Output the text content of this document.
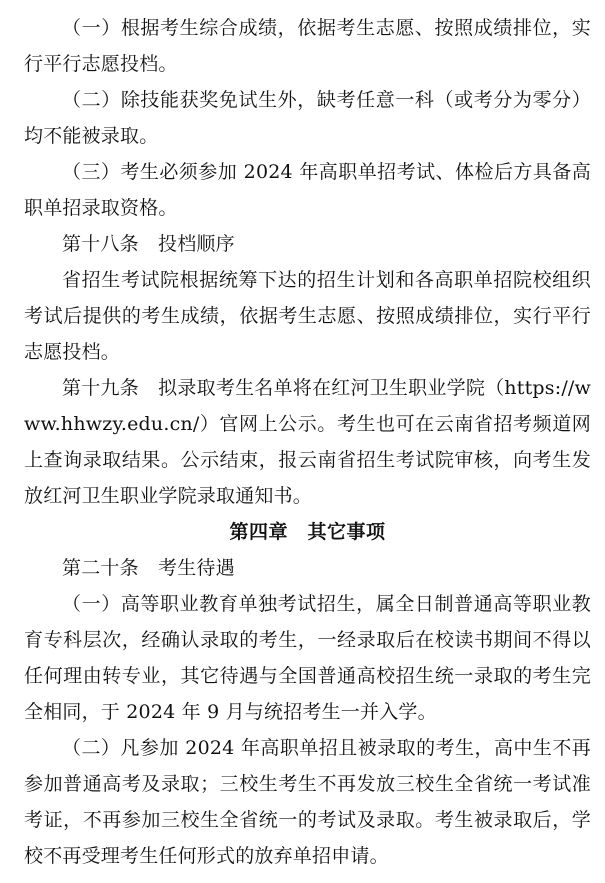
（一）根据考生综合成绩，依据考生志愿、按照成绩排位，实行平行志愿投档。

（二）除技能获奖免试生外，缺考任意一科（或考分为零分）均不能被录取。

（三）考生必须参加 2024 年高职单招考试、体检后方具备高职单招录取资格。

第十八条　投档顺序

省招生考试院根据统筹下达的招生计划和各高职单招院校组织考试后提供的考生成绩，依据考生志愿、按照成绩排位，实行平行志愿投档。

第十九条　拟录取考生名单将在红河卫生职业学院（https://www.hhwzy.edu.cn/）官网上公示。考生也可在云南省招考频道网上查询录取结果。公示结束，报云南省招生考试院审核，向考生发放红河卫生职业学院录取通知书。

第四章　其它事项

第二十条　考生待遇

（一）高等职业教育单独考试招生，属全日制普通高等职业教育专科层次，经确认录取的考生，一经录取后在校读书期间不得以任何理由转专业，其它待遇与全国普通高校招生统一录取的考生完全相同，于 2024 年 9 月与统招考生一并入学。

（二）凡参加 2024 年高职单招且被录取的考生，高中生不再参加普通高考及录取；三校生考生不再发放三校生全省统一考试准考证，不再参加三校生全省统一的考试及录取。考生被录取后，学校不再受理考生任何形式的放弃单招申请。
